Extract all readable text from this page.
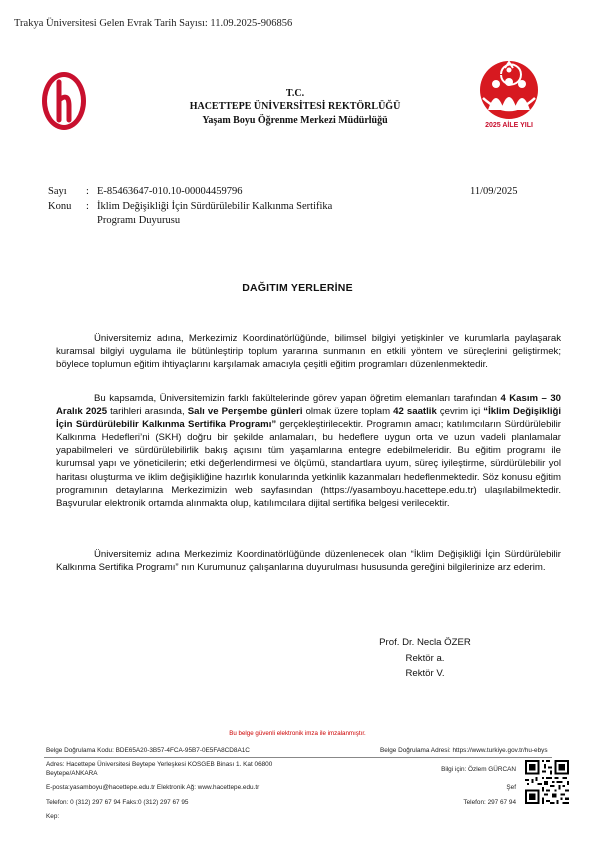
Trakya Üniversitesi Gelen Evrak Tarih Sayısı: 11.09.2025-906856
T.C.
HACETTEPE ÜNİVERSİTESİ REKTÖRLÜĞÜ
Yaşam Boyu Öğrenme Merkezi Müdürlüğü	2025 AİLE YILI
Sayı : E-85463647-010.10-00004459796	11/09/2025
Konu : İklim Değişikliği İçin Sürdürülebilir Kalkınma Sertifika
Programı Duyurusu
DAĞITIM YERLERİNE

Üniversitemiz adına, Merkezimiz Koordinatörlüğünde, bilimsel bilgiyi yetişkinler ve kurumlarla paylaşarak kuramsal bilgiyi uygulama ile bütünleştirip toplum yararına sunmanın en etkili yöntem ve süreçlerini geliştirmek; böylece toplumun eğitim ihtiyaçlarını karşılamak amacıyla çeşitli eğitim programları düzenlenmektedir.

Bu kapsamda, Üniversitemizin farklı fakültelerinde görev yapan öğretim elemanları tarafından 4 Kasım – 30 Aralık 2025 tarihleri arasında, Salı ve Perşembe günleri olmak üzere toplam 42 saatlik çevrim içi “İklim Değişikliği İçin Sürdürülebilir Kalkınma Sertifika Programı” gerçekleştirilecektir. Programın amacı; katılımcıların Sürdürülebilir Kalkınma Hedefleri’ni (SKH) doğru bir şekilde anlamaları, bu hedeflere uygun orta ve uzun vadeli planlamalar yapabilmeleri ve sürdürülebilirlik bakış açısını tüm yaşamlarına entegre edebilmeleridir. Bu eğitim programı ile kurumsal yapı ve yöneticilerin; etki değerlendirmesi ve ölçümü, standartlara uyum, süreç iyileştirme, sürdürülebilir yol haritası oluşturma ve iklim değişikliğine hazırlık konularında yetkinlik kazanmaları hedeflenmektedir. Söz konusu eğitim programının detaylarına Merkezimizin web sayfasından (https://yasamboyu.hacettepe.edu.tr) ulaşılabilmektedir. Başvurular elektronik ortamda alınmakta olup, katılımcılara dijital sertifika belgesi verilecektir.

Üniversitemiz adına Merkezimiz Koordinatörlüğünde düzenlenecek olan “İklim Değişikliği İçin Sürdürülebilir Kalkınma Sertifika Programı” nın Kurumunuz çalışanlarına duyurulması hususunda gereğini bilgilerinize arz ederim.

Prof. Dr. Necla ÖZER
Rektör a.
Rektör V.
Bu belge güvenli elektronik imza ile imzalanmıştır.
Belge Doğrulama Kodu: BDE65A20-3B57-4FCA-95B7-0E5FA8CD8A1C	Belge Doğrulama Adresi: https://www.turkiye.gov.tr/hu-ebys
Adres: Hacettepe Üniversitesi Beytepe Yerleşkesi KOSGEB Binası 1. Kat 06800
Beytepe/ANKARA
E-posta:yasamboyu@hacettepe.edu.tr Elektronik Ağ: www.hacettepe.edu.tr
Telefon: 0 (312) 297 67 94 Faks:0 (312) 297 67 95
Kep:
Bilgi için: Özlem GÜRCAN
Şef
Telefon: 297 67 94
